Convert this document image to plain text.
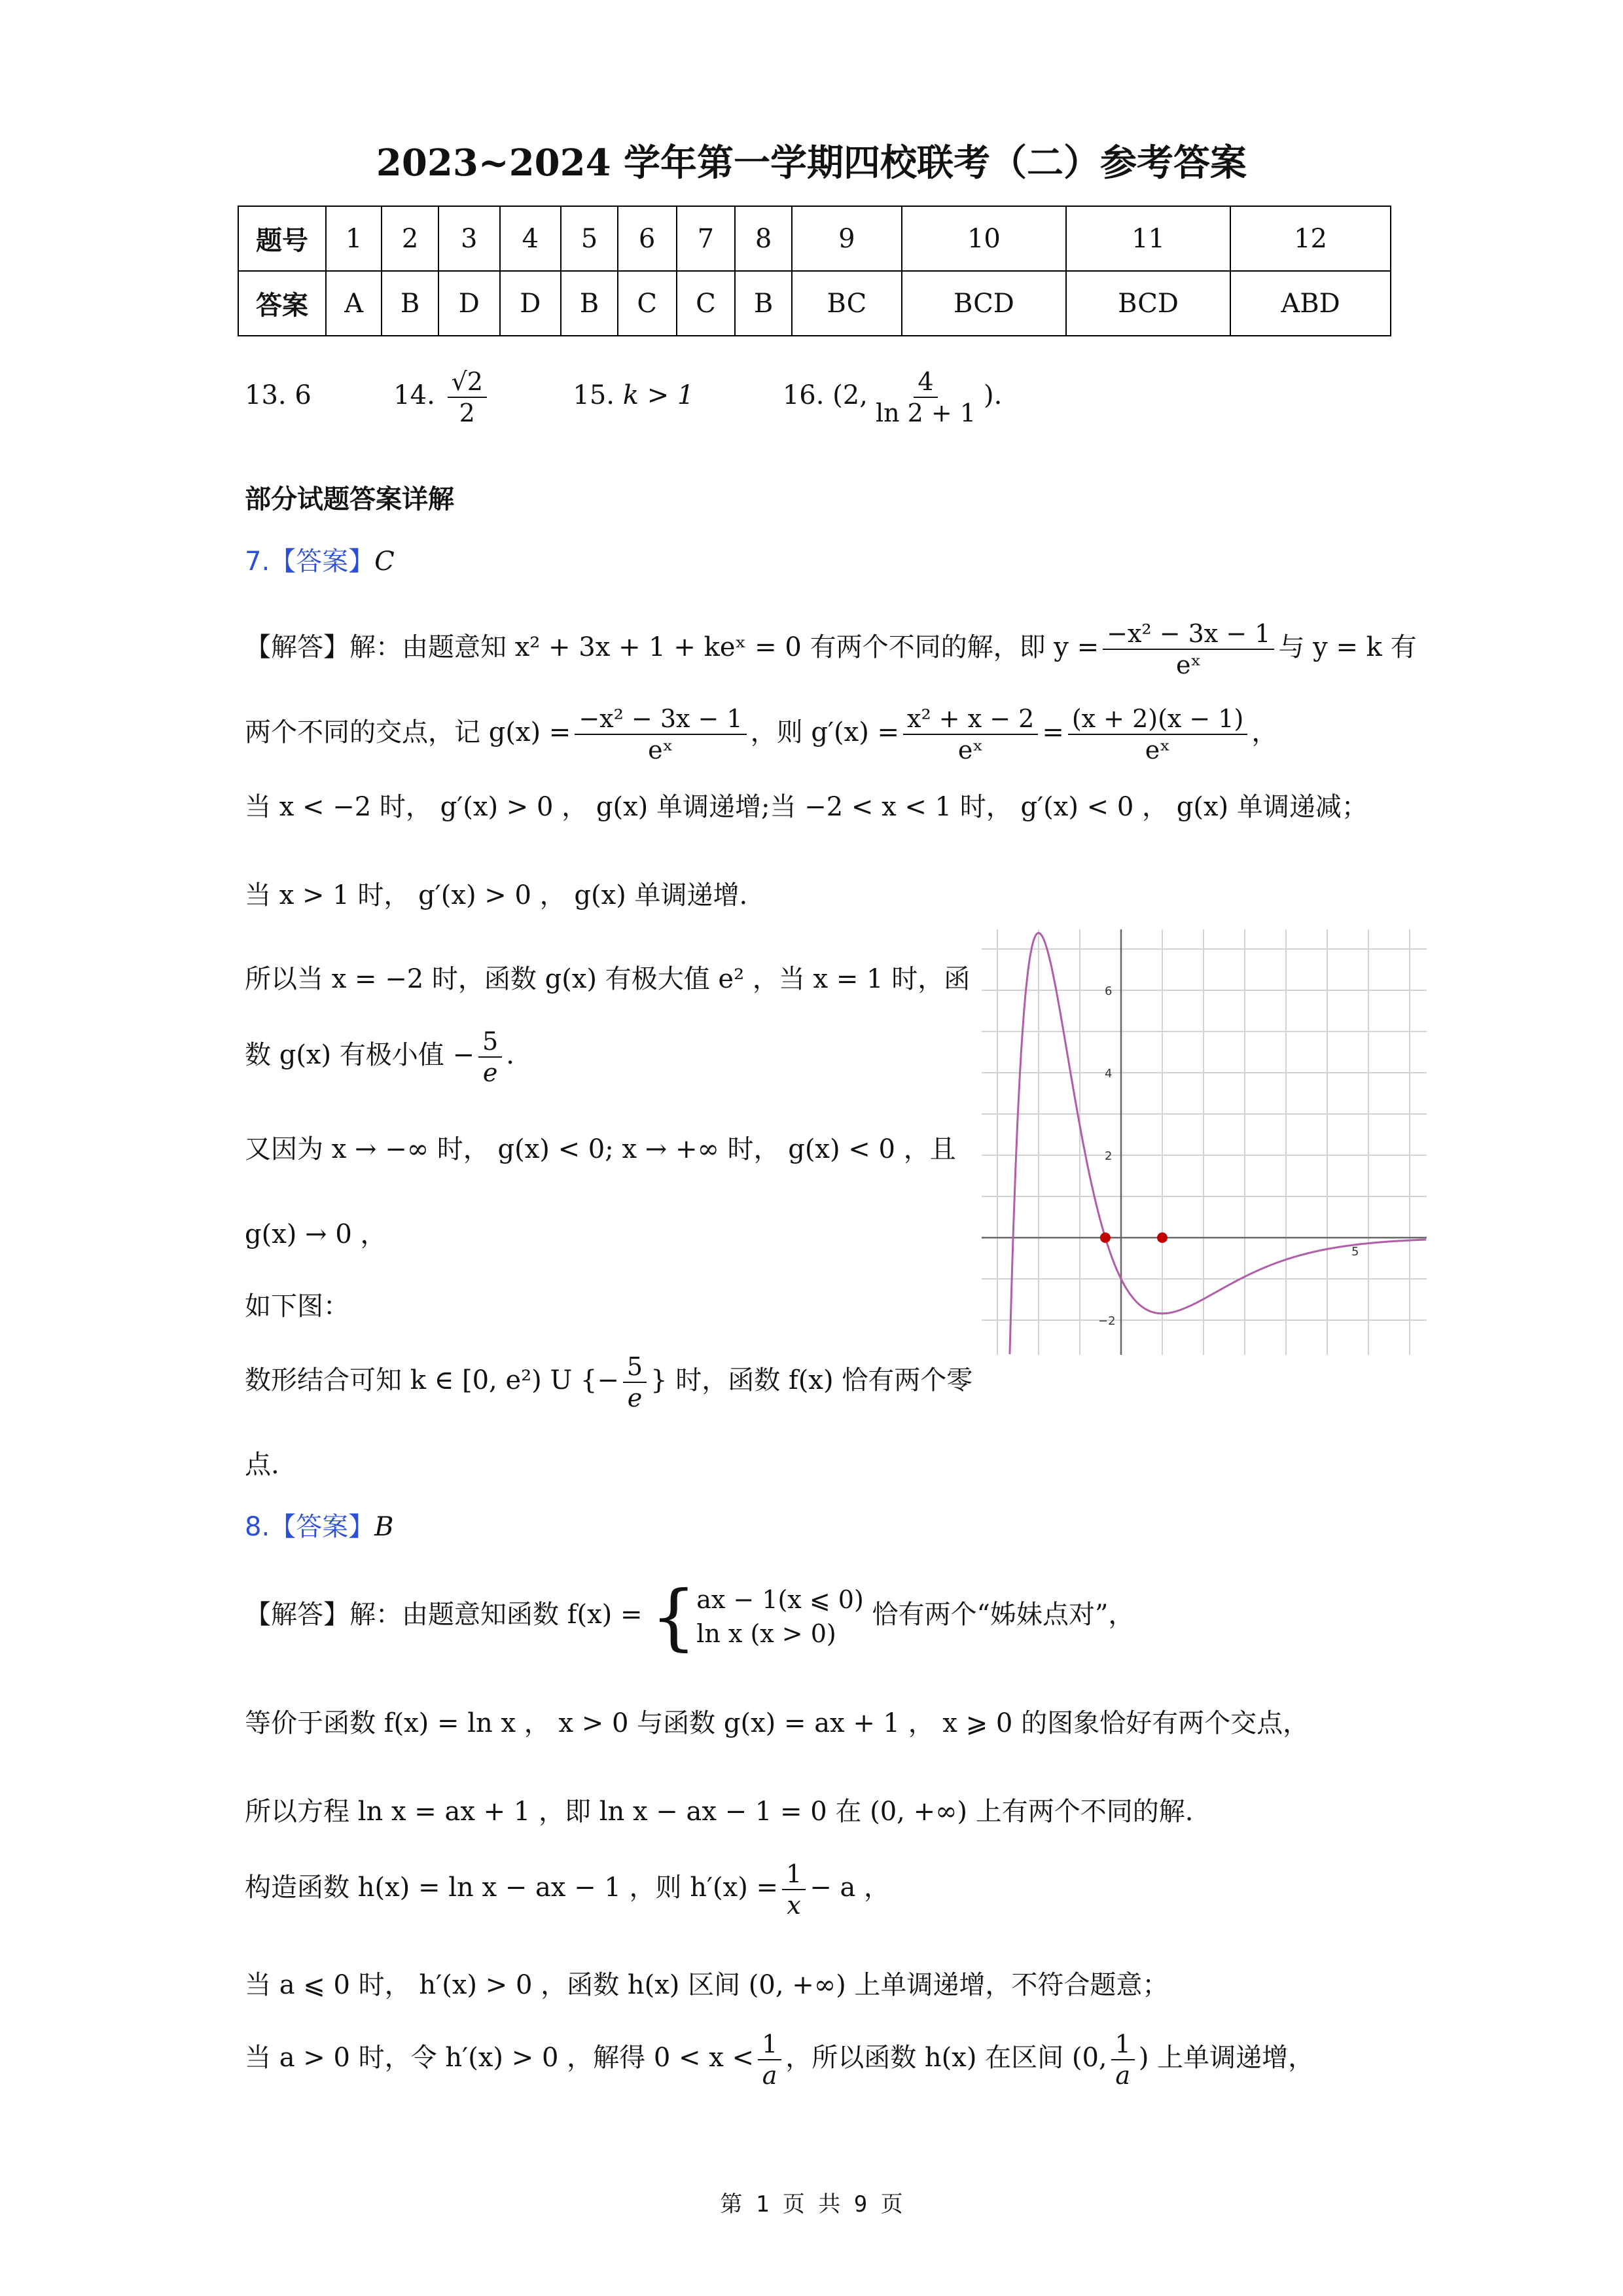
2023~2024 学年第一学期四校联考（二）参考答案
题号	1	2	3	4	5	6	7	8	9	10	11	12
答案	A	B	D	D	B	C	C	B	BC	BCD	BCD	ABD
13. 6	14. $\frac{√2}{2}$	15. k > 1	16. (2, $\frac{4}{\ln 2 + 1}$ ).
部分试题答案详解
7.【答案】C
【解答】解：由题意知 x² + 3x + 1 + keˣ = 0 有两个不同的解，即 $y = \frac{\text{−x² − 3x − 1}}{\text{eˣ}}$ 与 y = k 有
两个不同的交点，记 $g(x) = \frac{\text{−x² − 3x − 1}}{\text{eˣ}}$ ，则 $g'(x) = \frac{\text{x² + x − 2}}{\text{eˣ}} = \frac{(x + 2)(x - 1)}{\text{eˣ}}$ ，
当 x < −2 时， g′(x) > 0 ， g(x) 单调递增;当 −2 < x < 1 时， g′(x) < 0 ， g(x) 单调递减；
当 x > 1 时， g′(x) > 0 ， g(x) 单调递增.
所以当 x = −2 时，函数 g(x) 有极大值 e² ，当 x = 1 时，函
数 g(x) 有极小值 − $\frac{5}{e}$ .
又因为 x → −∞ 时， g(x) < 0; x → +∞ 时， g(x) < 0 ，且
g(x) → 0 ，
如下图：
数形结合可知 k ∈ [0, e²) U {− $\frac{5}{e}$ } 时，函数 f(x) 恰有两个零
点.
6
4
2
−2
5
8.【答案】B
【解答】解：由题意知函数 f(x) = { ax − 1(x ⩽ 0)
ln x (x > 0)
恰有两个“姊妹点对”，
等价于函数 f(x) = ln x ， x > 0 与函数 g(x) = ax + 1 ， x ⩾ 0 的图象恰好有两个交点，
所以方程 ln x = ax + 1 ，即 ln x − ax − 1 = 0 在 (0, +∞) 上有两个不同的解.
构造函数 h(x) = ln x − ax − 1 ，则 $h'(x) = \frac{1}{x} - a$ ，
当 a ⩽ 0 时， h′(x) > 0 ，函数 h(x) 区间 (0, +∞) 上单调递增，不符合题意；
当 a > 0 时，令 h′(x) > 0 ，解得 $0 < x < \frac{1}{a}$ ，所以函数 h(x) 在区间 (0, $\frac{1}{a}$ ) 上单调递增，
第 1 页 共 9 页
